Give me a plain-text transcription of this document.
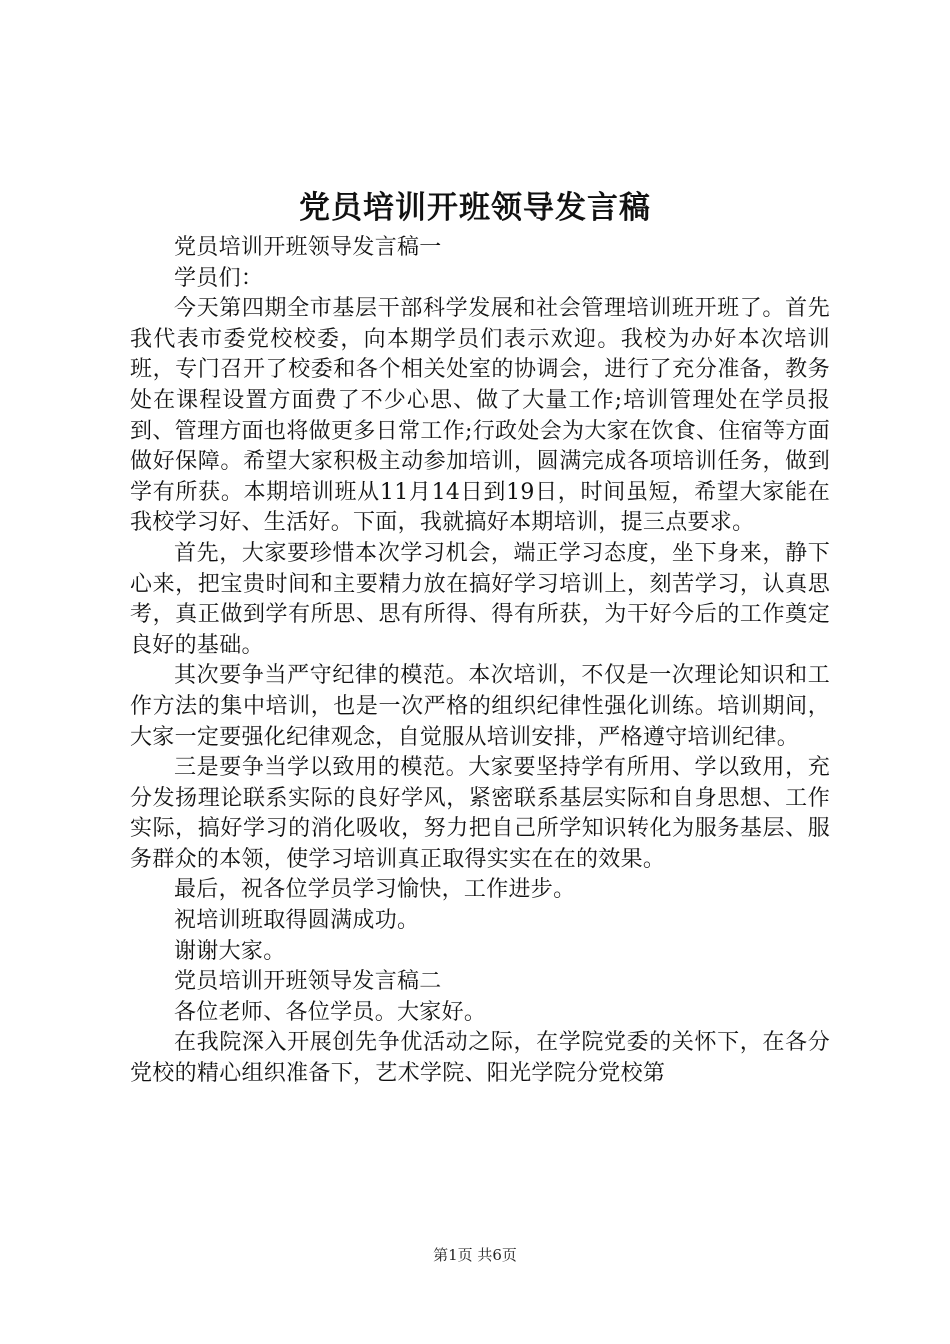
党员培训开班领导发言稿

党员培训开班领导发言稿一

学员们：

今天第四期全市基层干部科学发展和社会管理培训班开班了。首先我代表市委党校校委，向本期学员们表示欢迎。我校为办好本次培训班，专门召开了校委和各个相关处室的协调会，进行了充分准备，教务处在课程设置方面费了不少心思、做了大量工作;培训管理处在学员报到、管理方面也将做更多日常工作;行政处会为大家在饮食、住宿等方面做好保障。希望大家积极主动参加培训，圆满完成各项培训任务，做到学有所获。本期培训班从11月14日到19日，时间虽短，希望大家能在我校学习好、生活好。下面，我就搞好本期培训，提三点要求。

首先，大家要珍惜本次学习机会，端正学习态度，坐下身来，静下心来，把宝贵时间和主要精力放在搞好学习培训上，刻苦学习，认真思考，真正做到学有所思、思有所得、得有所获，为干好今后的工作奠定良好的基础。

其次要争当严守纪律的模范。本次培训，不仅是一次理论知识和工作方法的集中培训，也是一次严格的组织纪律性强化训练。培训期间，大家一定要强化纪律观念，自觉服从培训安排，严格遵守培训纪律。

三是要争当学以致用的模范。大家要坚持学有所用、学以致用，充分发扬理论联系实际的良好学风，紧密联系基层实际和自身思想、工作实际，搞好学习的消化吸收，努力把自己所学知识转化为服务基层、服务群众的本领，使学习培训真正取得实实在在的效果。

最后，祝各位学员学习愉快，工作进步。

祝培训班取得圆满成功。

谢谢大家。

党员培训开班领导发言稿二

各位老师、各位学员。大家好。

在我院深入开展创先争优活动之际，在学院党委的关怀下，在各分党校的精心组织准备下，艺术学院、阳光学院分党校第

第1页 共6页
